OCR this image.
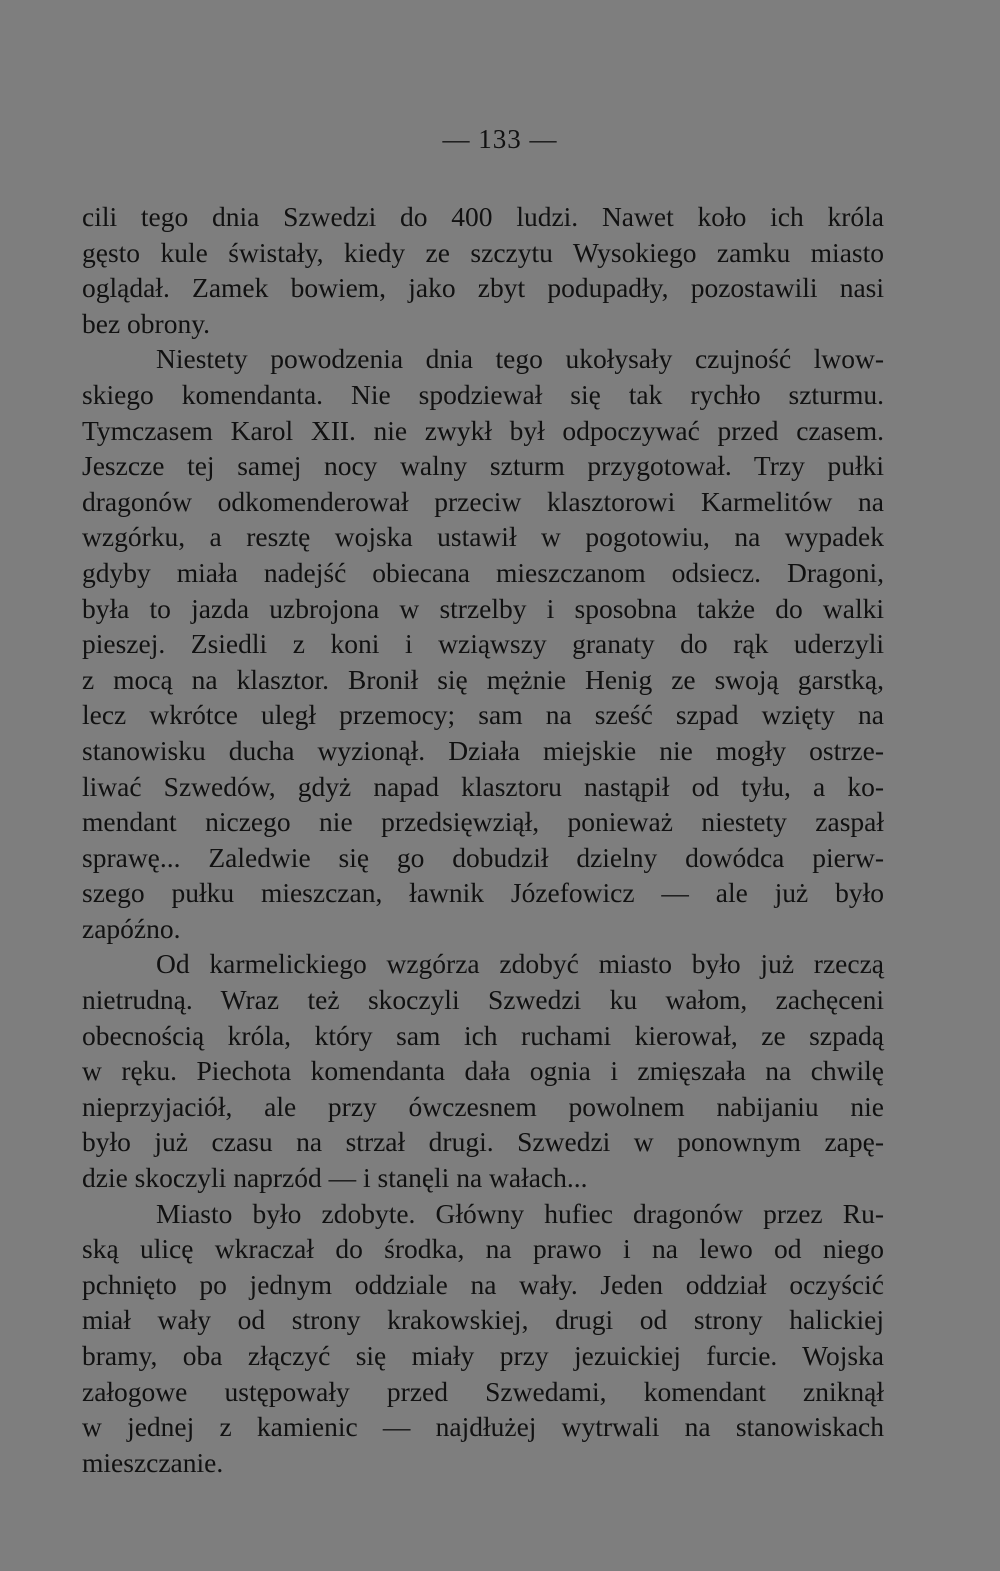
— 133 —
cili tego dnia Szwedzi do 400 ludzi. Nawet koło ich króla
gęsto kule świstały, kiedy ze szczytu Wysokiego zamku miasto
oglądał. Zamek bowiem, jako zbyt podupadły, pozostawili nasi
bez obrony.
Niestety powodzenia dnia tego ukołysały czujność lwow-
skiego komendanta. Nie spodziewał się tak rychło szturmu.
Tymczasem Karol XII. nie zwykł był odpoczywać przed czasem.
Jeszcze tej samej nocy walny szturm przygotował. Trzy pułki
dragonów odkomenderował przeciw klasztorowi Karmelitów na
wzgórku, a resztę wojska ustawił w pogotowiu, na wypadek
gdyby miała nadejść obiecana mieszczanom odsiecz. Dragoni,
była to jazda uzbrojona w strzelby i sposobna także do walki
pieszej. Zsiedli z koni i wziąwszy granaty do rąk uderzyli
z mocą na klasztor. Bronił się mężnie Henig ze swoją garstką,
lecz wkrótce uległ przemocy; sam na sześć szpad wzięty na
stanowisku ducha wyzionął. Działa miejskie nie mogły ostrze-
liwać Szwedów, gdyż napad klasztoru nastąpił od tyłu, a ko-
mendant niczego nie przedsięwziął, ponieważ niestety zaspał
sprawę... Zaledwie się go dobudził dzielny dowódca pierw-
szego pułku mieszczan, ławnik Józefowicz — ale już było
zapóźno.
Od karmelickiego wzgórza zdobyć miasto było już rzeczą
nietrudną. Wraz też skoczyli Szwedzi ku wałom, zachęceni
obecnością króla, który sam ich ruchami kierował, ze szpadą
w ręku. Piechota komendanta dała ognia i zmięszała na chwilę
nieprzyjaciół, ale przy ówczesnem powolnem nabijaniu nie
było już czasu na strzał drugi. Szwedzi w ponownym zapę-
dzie skoczyli naprzód — i stanęli na wałach...
Miasto było zdobyte. Główny hufiec dragonów przez Ru-
ską ulicę wkraczał do środka, na prawo i na lewo od niego
pchnięto po jednym oddziale na wały. Jeden oddział oczyścić
miał wały od strony krakowskiej, drugi od strony halickiej
bramy, oba złączyć się miały przy jezuickiej furcie. Wojska
załogowe ustępowały przed Szwedami, komendant zniknął
w jednej z kamienic — najdłużej wytrwali na stanowiskach
mieszczanie.
